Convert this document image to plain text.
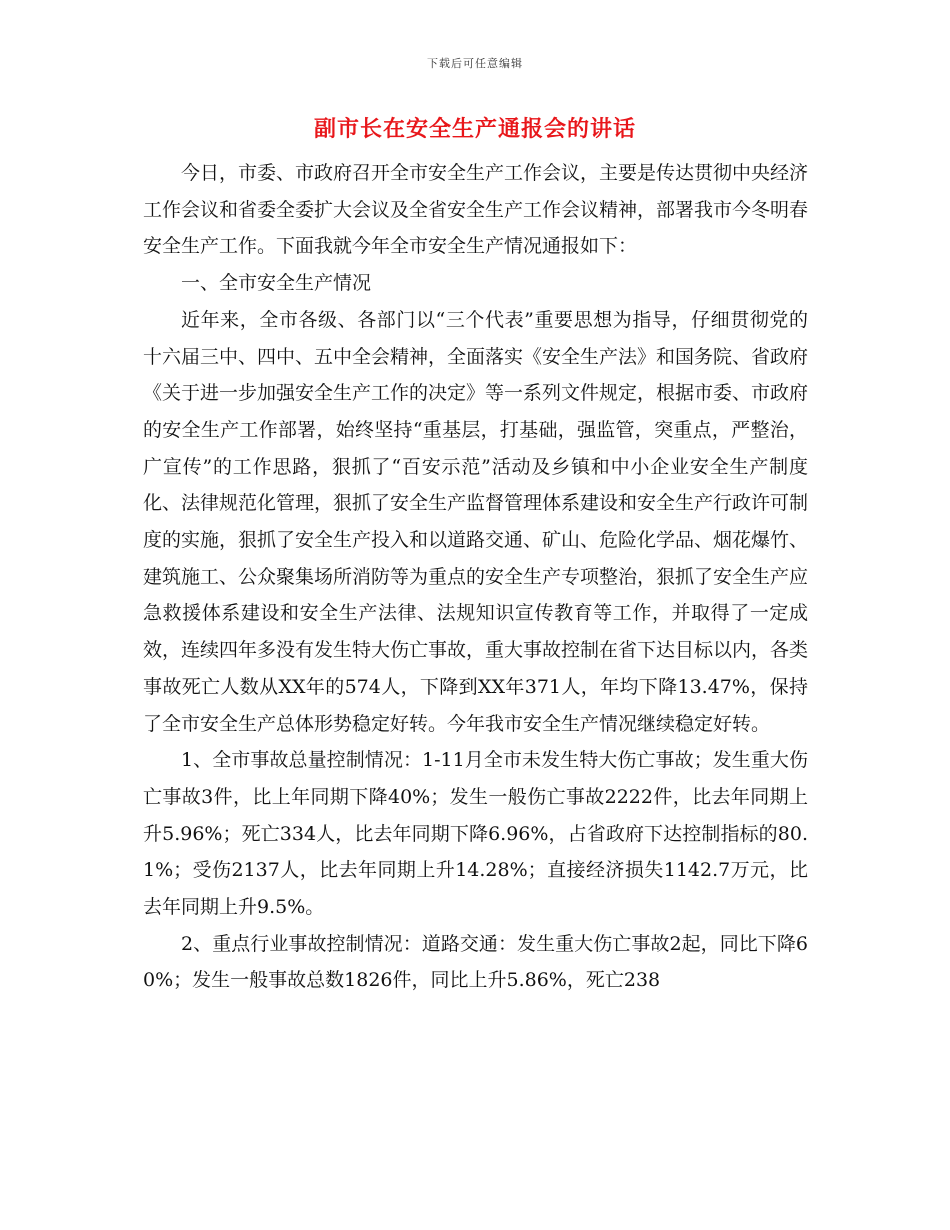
下载后可任意编辑
副市长在安全生产通报会的讲话

今日，市委、市政府召开全市安全生产工作会议，主要是传达贯彻中央经济工作会议和省委全委扩大会议及全省安全生产工作会议精神，部署我市今冬明春安全生产工作。下面我就今年全市安全生产情况通报如下：

一、全市安全生产情况

近年来，全市各级、各部门以“三个代表”重要思想为指导，仔细贯彻党的十六届三中、四中、五中全会精神，全面落实《安全生产法》和国务院、省政府《关于进一步加强安全生产工作的决定》等一系列文件规定，根据市委、市政府的安全生产工作部署，始终坚持“重基层，打基础，强监管，突重点，严整治，广宣传”的工作思路，狠抓了“百安示范”活动及乡镇和中小企业安全生产制度化、法律规范化管理，狠抓了安全生产监督管理体系建设和安全生产行政许可制度的实施，狠抓了安全生产投入和以道路交通、矿山、危险化学品、烟花爆竹、建筑施工、公众聚集场所消防等为重点的安全生产专项整治，狠抓了安全生产应急救援体系建设和安全生产法律、法规知识宣传教育等工作，并取得了一定成效，连续四年多没有发生特大伤亡事故，重大事故控制在省下达目标以内，各类事故死亡人数从XX年的574人，下降到XX年371人，年均下降13.47%，保持了全市安全生产总体形势稳定好转。今年我市安全生产情况继续稳定好转。

1、全市事故总量控制情况：1-11月全市未发生特大伤亡事故；发生重大伤亡事故3件，比上年同期下降40%；发生一般伤亡事故2222件，比去年同期上升5.96%；死亡334人，比去年同期下降6.96%，占省政府下达控制指标的80.1%；受伤2137人，比去年同期上升14.28%；直接经济损失1142.7万元，比去年同期上升9.5%。

2、重点行业事故控制情况：道路交通：发生重大伤亡事故2起，同比下降60%；发生一般事故总数1826件，同比上升5.86%，死亡238
